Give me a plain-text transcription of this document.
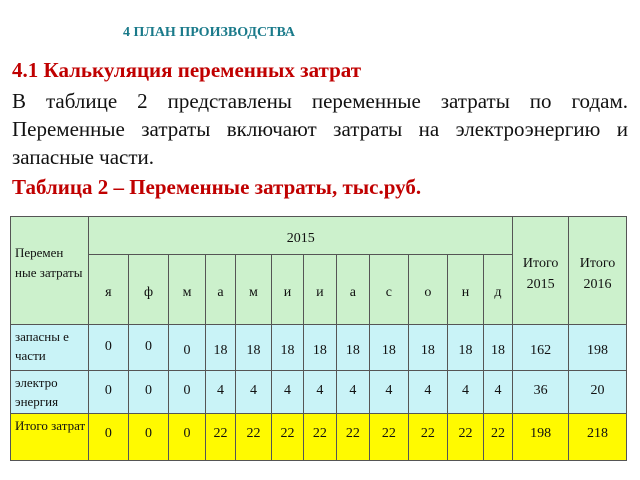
4 ПЛАН ПРОИЗВОДСТВА
4.1 Калькуляция переменных затрат
В таблице 2 представлены переменные затраты по годам. Переменные затраты включают затраты на электроэнергию и запасные части.
Таблица 2 – Переменные затраты, тыс.руб.
Перемен ные затраты	2015												Итого 2015	Итого 2016
	я	ф	м	а	м	и	и	а	с	о	н	д		
запасны е части	0	0	0	18	18	18	18	18	18	18	18	18	162	198
электро энергия	0	0	0	4	4	4	4	4	4	4	4	4	36	20
Итого затрат	0	0	0	22	22	22	22	22	22	22	22	22	198	218
